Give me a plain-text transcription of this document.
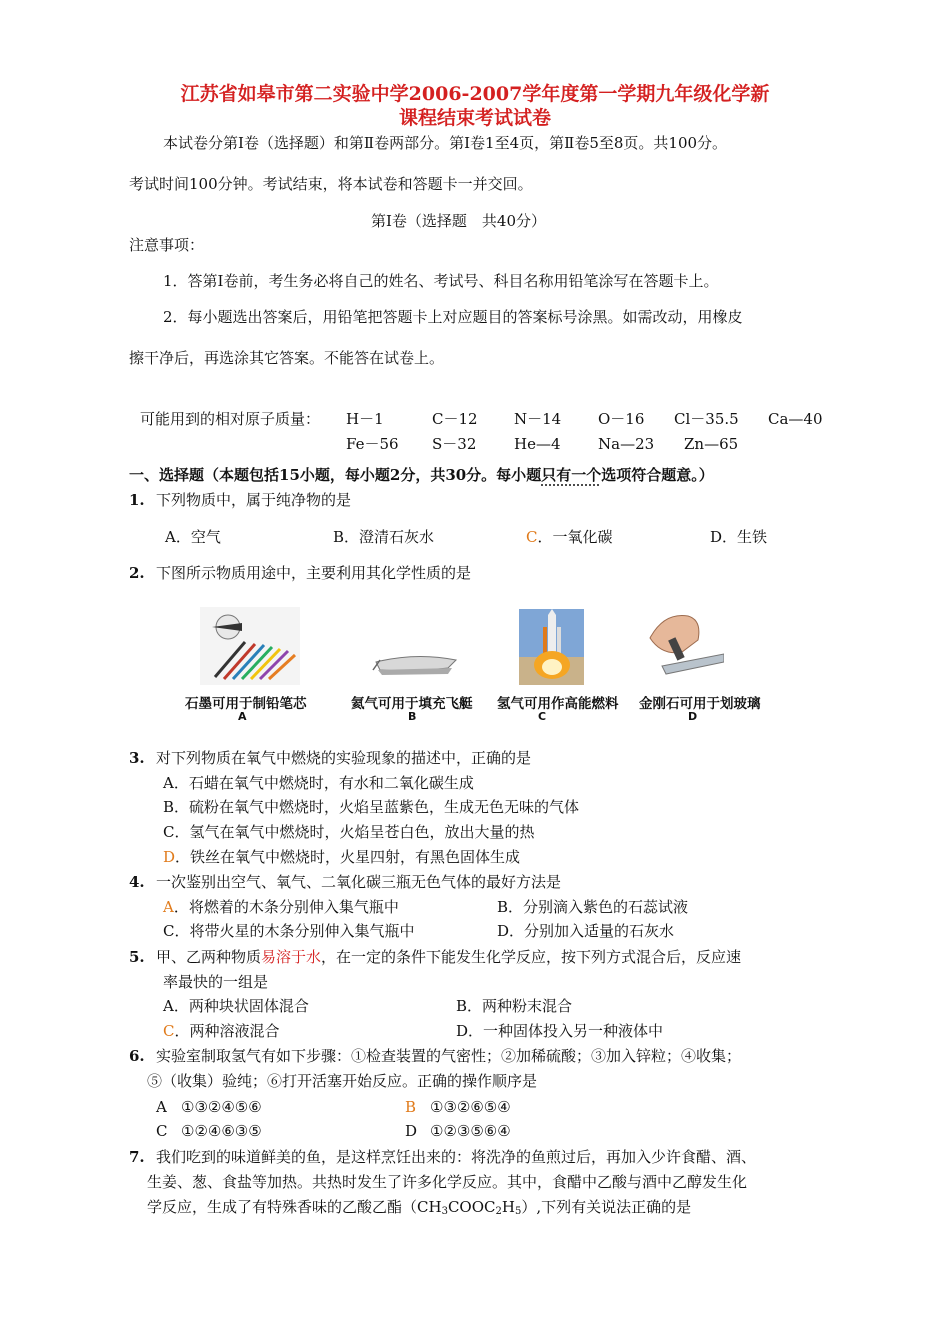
江苏省如皋市第二实验中学2006-2007学年度第一学期九年级化学新
课程结束考试试卷
本试卷分第Ⅰ卷（选择题）和第Ⅱ卷两部分。第Ⅰ卷1至4页，第Ⅱ卷5至8页。共100分。
考试时间100分钟。考试结束，将本试卷和答题卡一并交回。
第Ⅰ卷（选择题　共40分）
注意事项：
1．答第Ⅰ卷前，考生务必将自己的姓名、考试号、科目名称用铅笔涂写在答题卡上。
2．每小题选出答案后，用铅笔把答题卡上对应题目的答案标号涂黑。如需改动，用橡皮
擦干净后，再选涂其它答案。不能答在试卷上。
可能用到的相对原子质量： H－1	C－12 N－14 O－16 Cl－35.5 Ca—40
Fe－56 S－32	He—4 Na—23 Zn—65
一、选择题（本题包括15小题，每小题2分，共30分。每小题只有一个选项符合题意。）
1. 下列物质中，属于纯净物的是
A．空气	B．澄清石灰水	C．一氧化碳	D．生铁
2. 下图所示物质用途中，主要利用其化学性质的是
石墨可用于制铅笔芯	氦气可用于填充飞艇 氢气可用作高能燃料 金刚石可用于划玻璃
A	B	C	D
3. 对下列物质在氧气中燃烧的实验现象的描述中，正确的是
A．石蜡在氧气中燃烧时，有水和二氧化碳生成
B．硫粉在氧气中燃烧时，火焰呈蓝紫色，生成无色无味的气体
C．氢气在氧气中燃烧时，火焰呈苍白色，放出大量的热
D．铁丝在氧气中燃烧时，火星四射，有黑色固体生成
4. 一次鉴别出空气、氧气、二氧化碳三瓶无色气体的最好方法是
A．将燃着的木条分别伸入集气瓶中	B．分别滴入紫色的石蕊试液
C．将带火星的木条分别伸入集气瓶中	D．分别加入适量的石灰水
5. 甲、乙两种物质易溶于水，在一定的条件下能发生化学反应，按下列方式混合后，反应速
率最快的一组是
A．两种块状固体混合	B．两种粉末混合
C．两种溶液混合	D．一种固体投入另一种液体中
6. 实验室制取氢气有如下步骤：①检查装置的气密性；②加稀硫酸；③加入锌粒；④收集；
⑤（收集）验纯；⑥打开活塞开始反应。正确的操作顺序是
A ①③②④⑤⑥	B ①③②⑥⑤④
C ①②④⑥③⑤	D ①②③⑤⑥④
7. 我们吃到的味道鲜美的鱼，是这样烹饪出来的：将洗净的鱼煎过后，再加入少许食醋、酒、
生姜、葱、食盐等加热。共热时发生了许多化学反应。其中，食醋中乙酸与酒中乙醇发生化
学反应，生成了有特殊香味的乙酸乙酯$(CH_3COOC_2H_5)$,下列有关说法正确的是
